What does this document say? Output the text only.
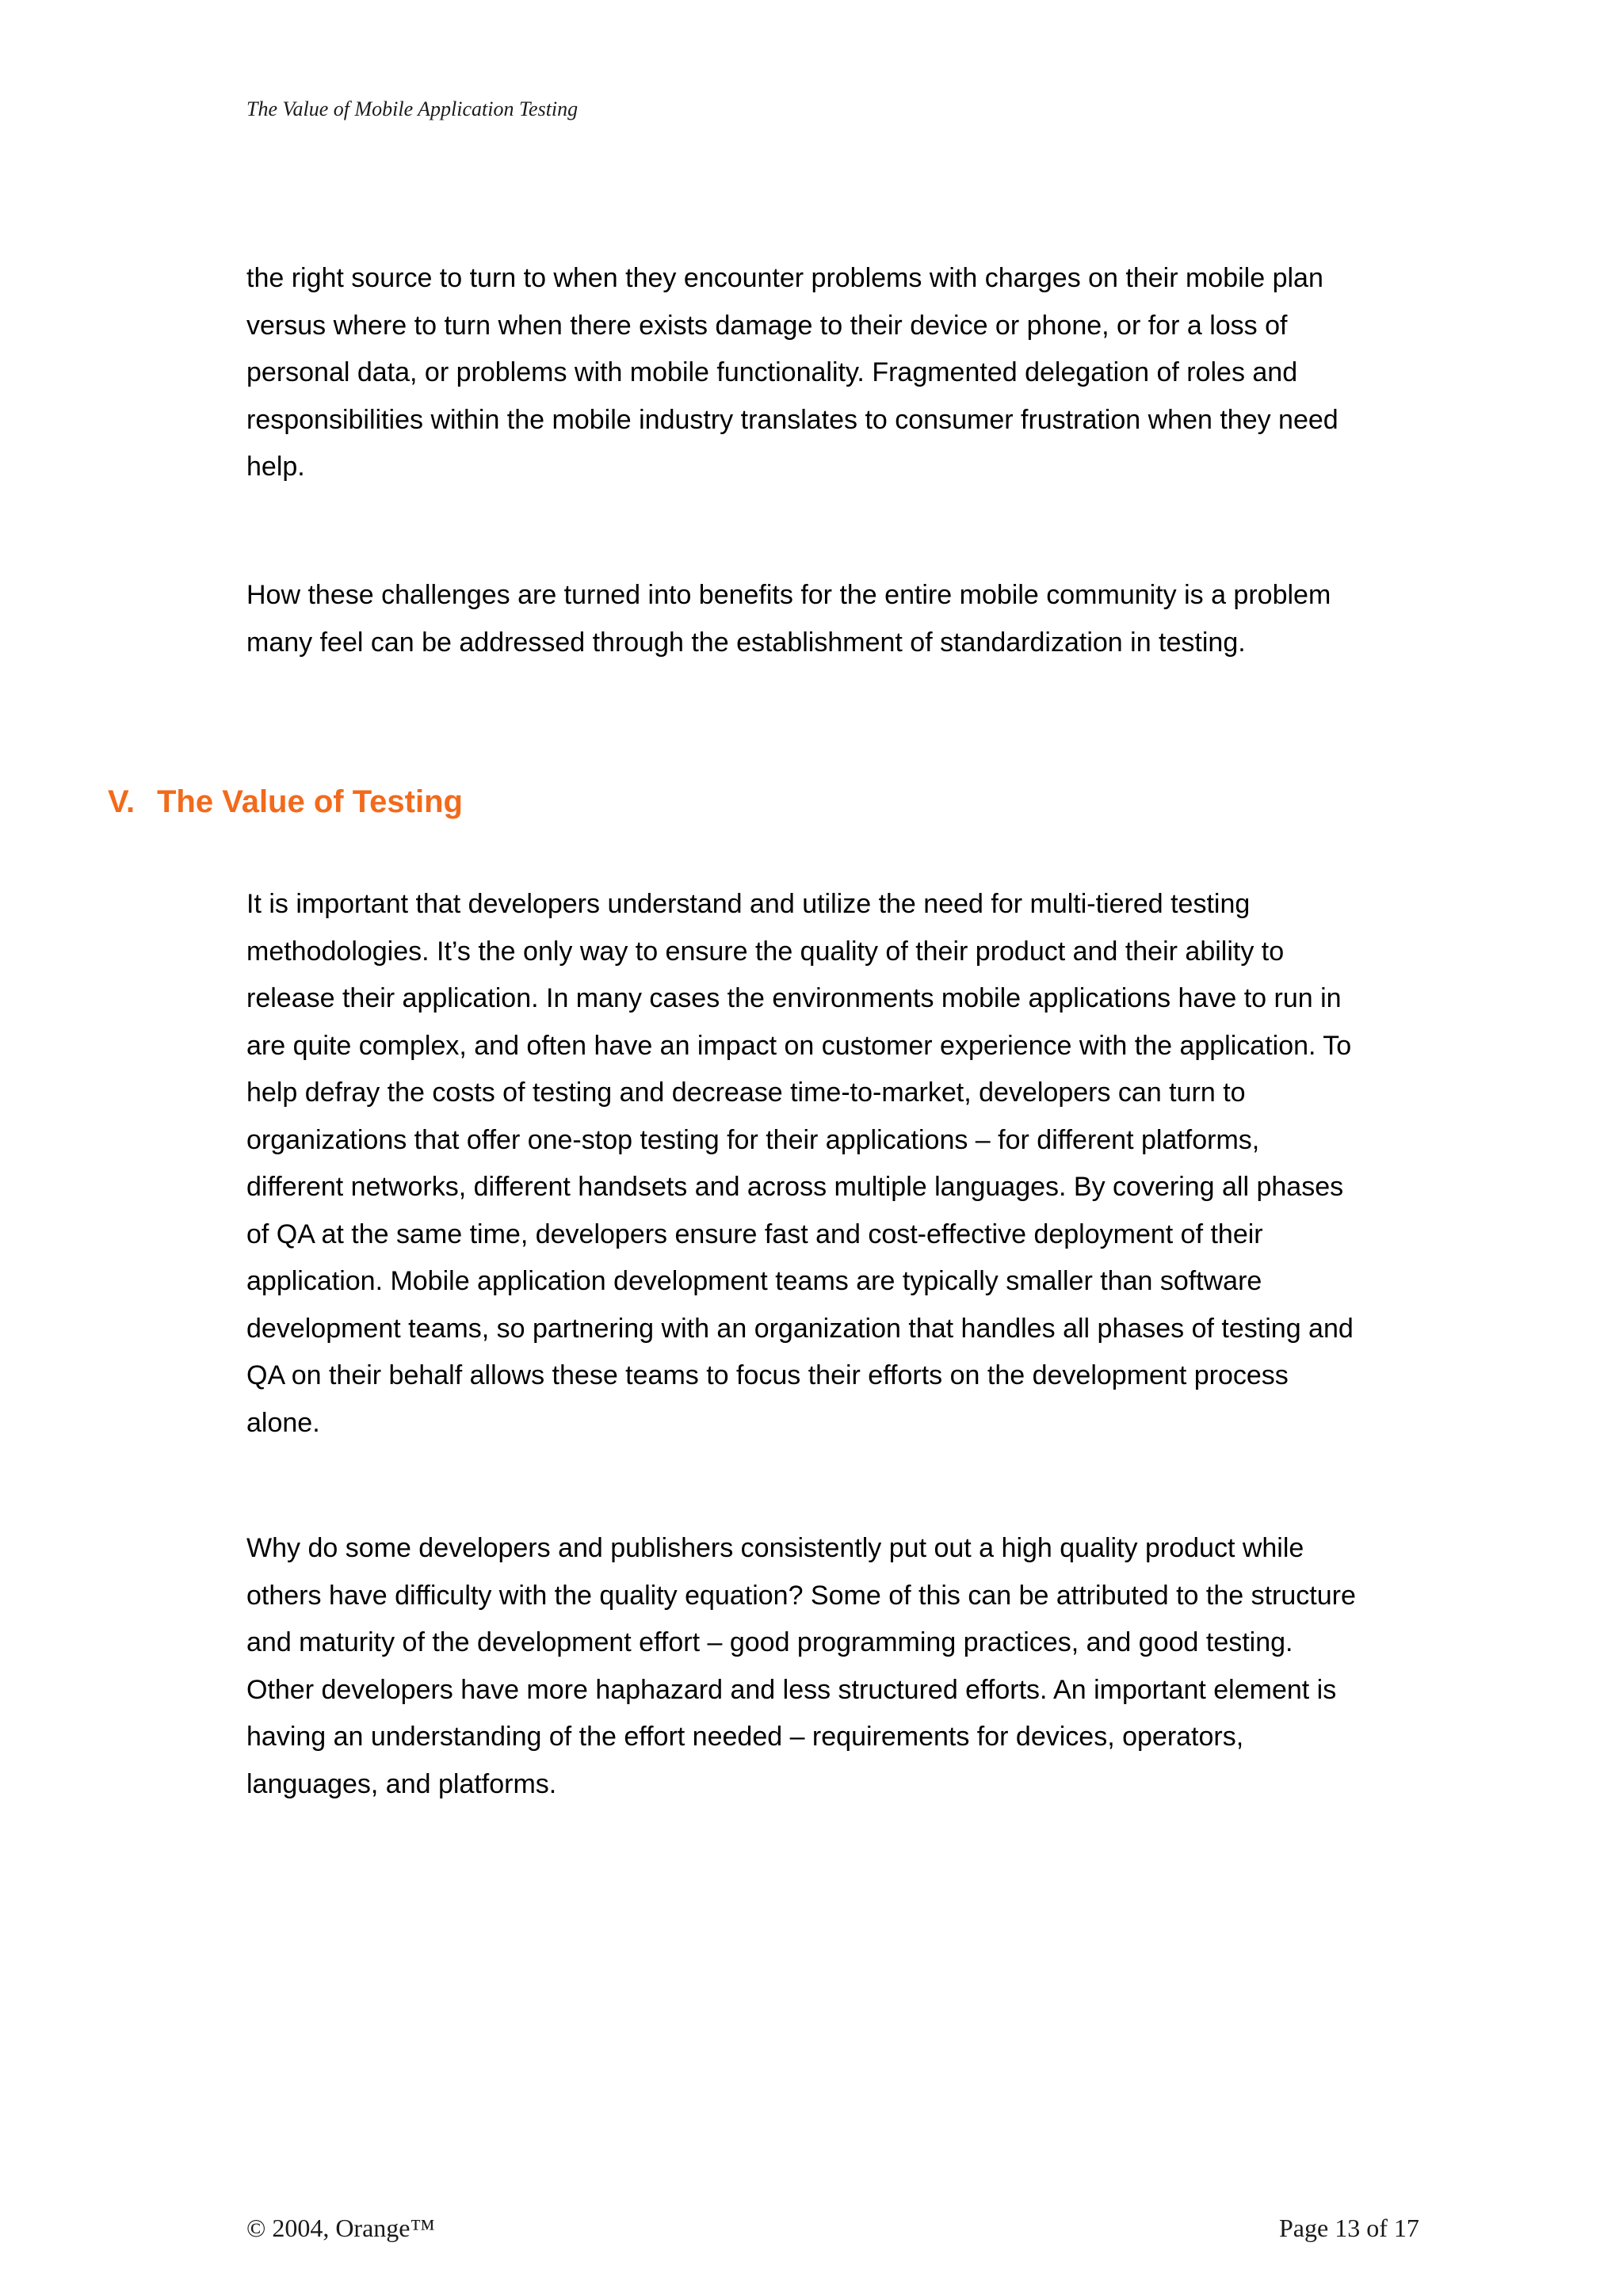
The Value of Mobile Application Testing

the right source to turn to when they encounter problems with charges on their mobile plan
versus where to turn when there exists damage to their device or phone, or for a loss of
personal data, or problems with mobile functionality. Fragmented delegation of roles and
responsibilities within the mobile industry translates to consumer frustration when they need
help.

How these challenges are turned into benefits for the entire mobile community is a problem
many feel can be addressed through the establishment of standardization in testing.

V. The Value of Testing

It is important that developers understand and utilize the need for multi-tiered testing
methodologies. It’s the only way to ensure the quality of their product and their ability to
release their application. In many cases the environments mobile applications have to run in
are quite complex, and often have an impact on customer experience with the application. To
help defray the costs of testing and decrease time-to-market, developers can turn to
organizations that offer one-stop testing for their applications – for different platforms,
different networks, different handsets and across multiple languages. By covering all phases
of QA at the same time, developers ensure fast and cost-effective deployment of their
application. Mobile application development teams are typically smaller than software
development teams, so partnering with an organization that handles all phases of testing and
QA on their behalf allows these teams to focus their efforts on the development process
alone.

Why do some developers and publishers consistently put out a high quality product while
others have difficulty with the quality equation? Some of this can be attributed to the structure
and maturity of the development effort – good programming practices, and good testing.
Other developers have more haphazard and less structured efforts. An important element is
having an understanding of the effort needed – requirements for devices, operators,
languages, and platforms.

© 2004, Orange™	Page 13 of 17
